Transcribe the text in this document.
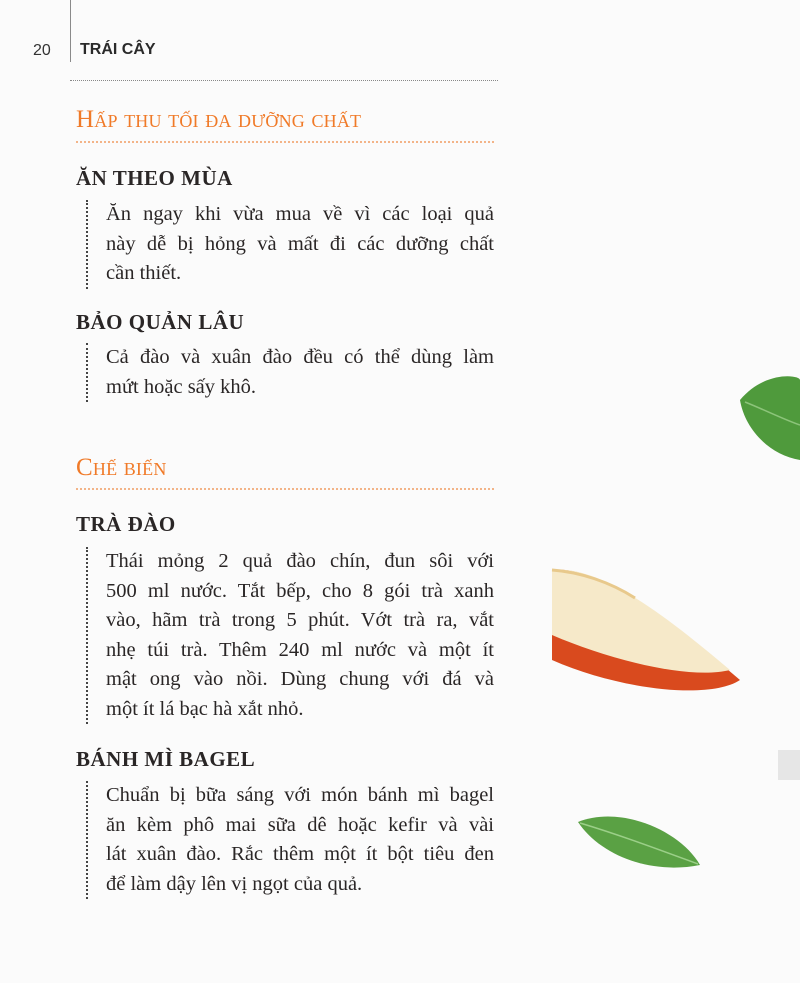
20 TRÁI CÂY
Hấp thu tối đa dưỡng chất
ĂN THEO MÙA
Ăn ngay khi vừa mua về vì các loại quả
này dễ bị hỏng và mất đi các dưỡng chất
cần thiết.
BẢO QUẢN LÂU
Cả đào và xuân đào đều có thể dùng làm
mứt hoặc sấy khô.
Chế biến
TRÀ ĐÀO
Thái mỏng 2 quả đào chín, đun sôi với
500 ml nước. Tắt bếp, cho 8 gói trà xanh
vào, hãm trà trong 5 phút. Vớt trà ra, vắt
nhẹ túi trà. Thêm 240 ml nước và một ít
mật ong vào nồi. Dùng chung với đá và
một ít lá bạc hà xắt nhỏ.
BÁNH MÌ BAGEL
Chuẩn bị bữa sáng với món bánh mì bagel
ăn kèm phô mai sữa dê hoặc kefir và vài
lát xuân đào. Rắc thêm một ít bột tiêu đen
để làm dậy lên vị ngọt của quả.
